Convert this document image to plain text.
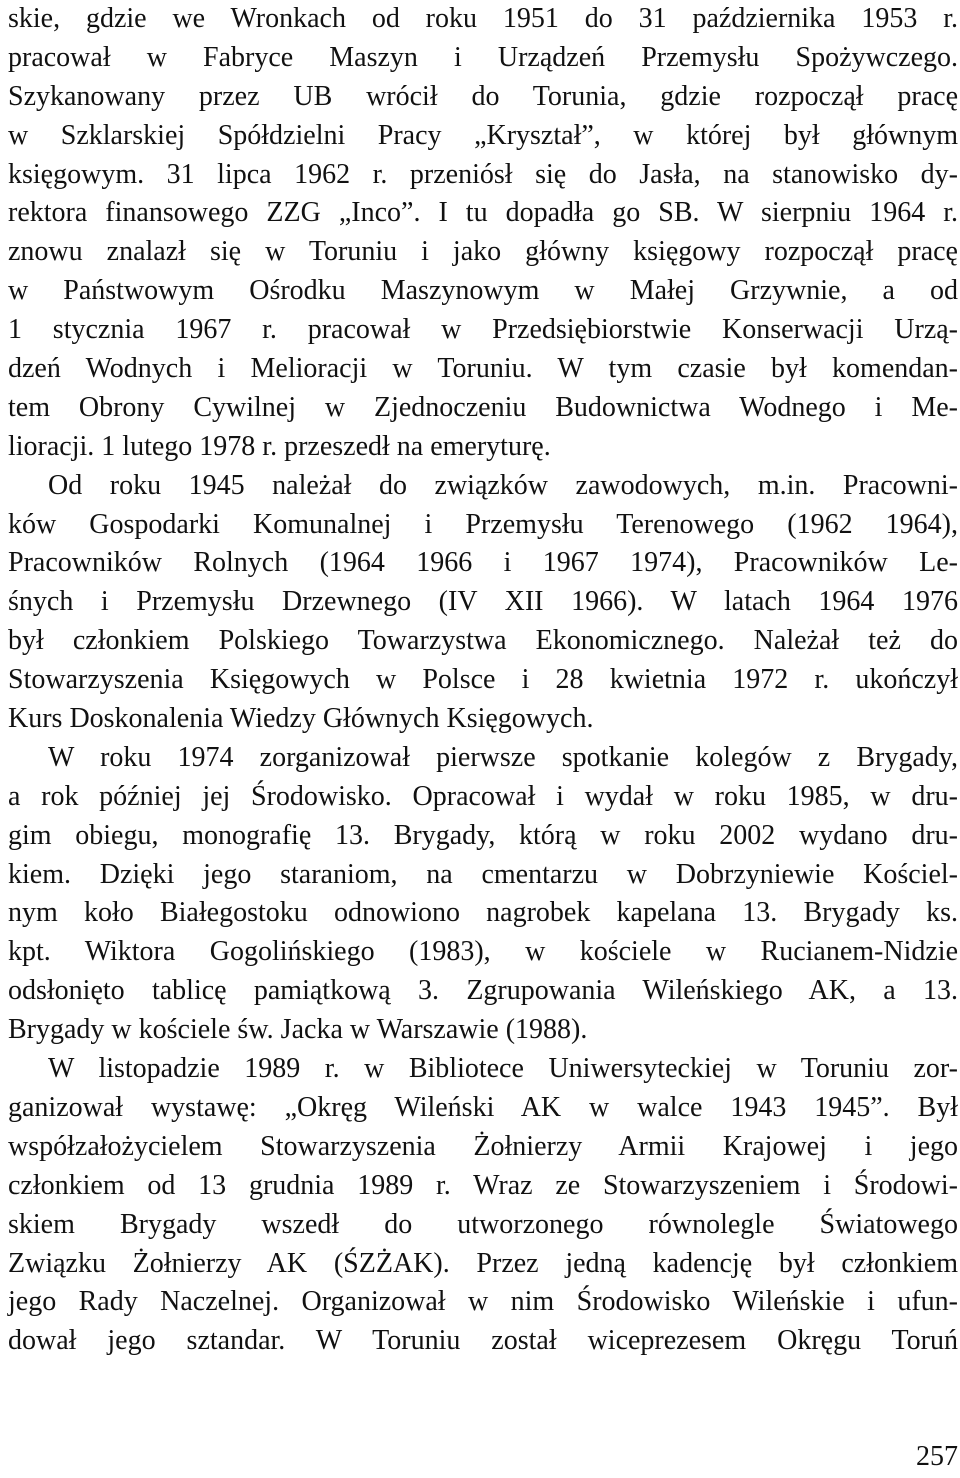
skie, gdzie we Wronkach od roku 1951 do 31 października 1953 r.
pracował w Fabryce Maszyn i Urządzeń Przemysłu Spożywczego.
Szykanowany przez UB wrócił do Torunia, gdzie rozpoczął pracę
w Szklarskiej Spółdzielni Pracy „Kryształ”, w której był głównym
księgowym. 31 lipca 1962 r. przeniósł się do Jasła, na stanowisko dy-
rektora finansowego ZZG „Inco”. I tu dopadła go SB. W sierpniu 1964 r.
znowu znalazł się w Toruniu i jako główny księgowy rozpoczął pracę
w Państwowym Ośrodku Maszynowym w Małej Grzywnie, a od
1 stycznia 1967 r. pracował w Przedsiębiorstwie Konserwacji Urzą-
dzeń Wodnych i Melioracji w Toruniu. W tym czasie był komendan-
tem Obrony Cywilnej w Zjednoczeniu Budownictwa Wodnego i Me-
lioracji. 1 lutego 1978 r. przeszedł na emeryturę.
Od roku 1945 należał do związków zawodowych, m.in. Pracowni-
ków Gospodarki Komunalnej i Przemysłu Terenowego (1962 1964),
Pracowników Rolnych (1964 1966 i 1967 1974), Pracowników Le-
śnych i Przemysłu Drzewnego (IV XII 1966). W latach 1964 1976
był członkiem Polskiego Towarzystwa Ekonomicznego. Należał też do
Stowarzyszenia Księgowych w Polsce i 28 kwietnia 1972 r. ukończył
Kurs Doskonalenia Wiedzy Głównych Księgowych.
W roku 1974 zorganizował pierwsze spotkanie kolegów z Brygady,
a rok później jej Środowisko. Opracował i wydał w roku 1985, w dru-
gim obiegu, monografię 13. Brygady, którą w roku 2002 wydano dru-
kiem. Dzięki jego staraniom, na cmentarzu w Dobrzyniewie Kościel-
nym koło Białegostoku odnowiono nagrobek kapelana 13. Brygady ks.
kpt. Wiktora Gogolińskiego (1983), w kościele w Rucianem-Nidzie
odsłonięto tablicę pamiątkową 3. Zgrupowania Wileńskiego AK, a 13.
Brygady w kościele św. Jacka w Warszawie (1988).
W listopadzie 1989 r. w Bibliotece Uniwersyteckiej w Toruniu zor-
ganizował wystawę: „Okręg Wileński AK w walce 1943 1945”. Był
współzałożycielem Stowarzyszenia Żołnierzy Armii Krajowej i jego
członkiem od 13 grudnia 1989 r. Wraz ze Stowarzyszeniem i Środowi-
skiem Brygady wszedł do utworzonego równolegle Światowego
Związku Żołnierzy AK (ŚZŻAK). Przez jedną kadencję był członkiem
jego Rady Naczelnej. Organizował w nim Środowisko Wileńskie i ufun-
dował jego sztandar. W Toruniu został wiceprezesem Okręgu Toruń
257
